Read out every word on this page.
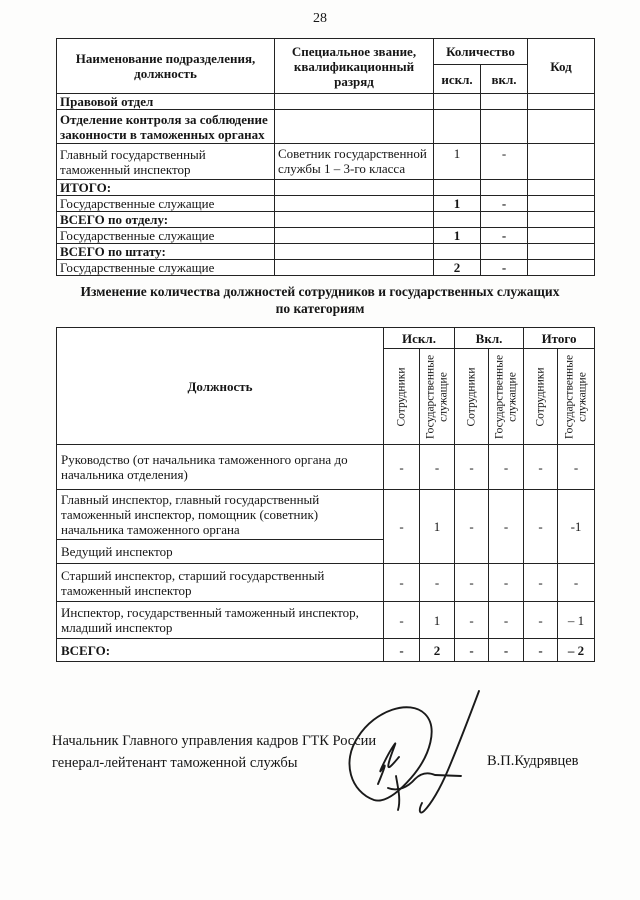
28
Наименование подразделения, должность	Специальное звание, квалификационный разряд	Количество		Код
		искл.	вкл.	
Правовой отдел				
Отделение контроля за соблюдение законности в таможенных органах				
Главный государственный таможенный инспектор	Советник государственной службы 1 – 3-го класса	1	-	
ИТОГО:				
Государственные служащие		1	-	
ВСЕГО по отделу:				
Государственные служащие		1	-	
ВСЕГО по штату:				
Государственные служащие		2	-	
Изменение количества должностей сотрудников и государственных служащих
по категориям
Должность	Искл.		Вкл.		Итого	

Сотрудники	Государственные служащие	Сотрудники	Государственные служащие	Сотрудники	Государственные служащие

Руководство (от начальника таможенного органа до начальника отделения)	-	-	-	-	-	-
Главный инспектор, главный государственный таможенный инспектор, помощник (советник) начальника таможенного органа	-	1	-	-	-	-1
Ведущий инспектор						
Старший инспектор, старший государственный таможенный инспектор	-	-	-	-	-	-
Инспектор, государственный таможенный инспектор, младший инспектор	-	1	-	-	-	– 1
ВСЕГО:	-	2	-	-	-	– 2
Начальник Главного управления кадров ГТК России
генерал-лейтенант таможенной службы	В.П.Кудрявцев
